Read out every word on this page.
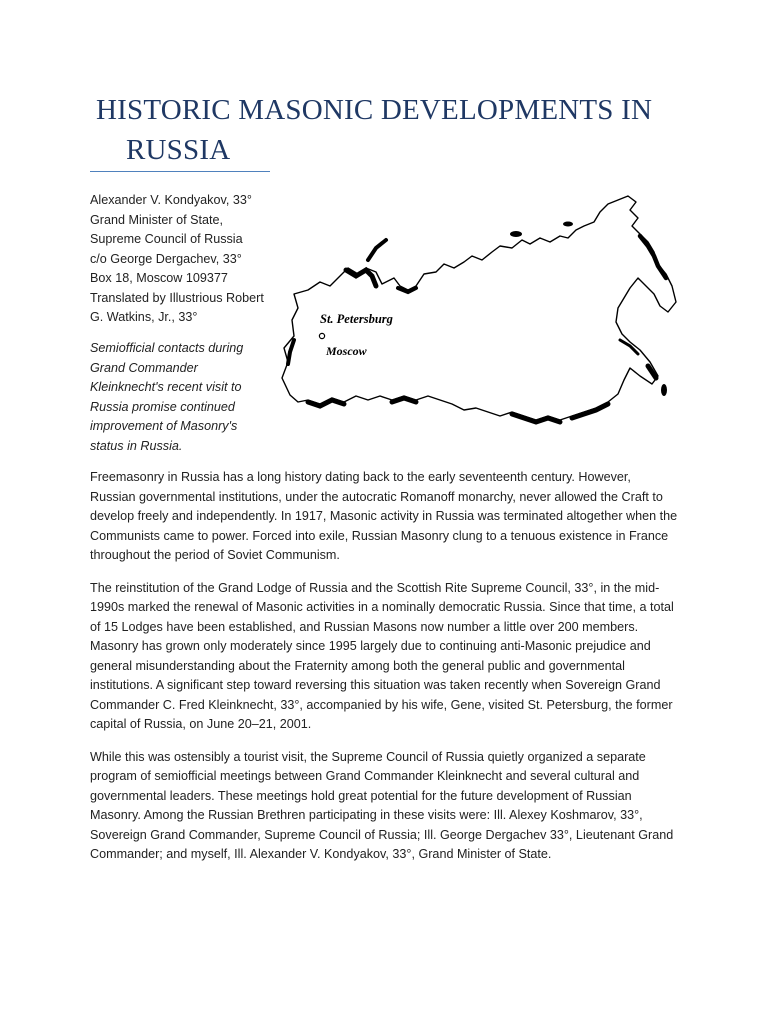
HISTORIC MASONIC DEVELOPMENTS IN
RUSSIA
Alexander V. Kondyakov, 33°
Grand Minister of State,
Supreme Council of Russia
c/o George Dergachev, 33°
Box 18, Moscow 109377
Translated by Illustrious Robert
G. Watkins, Jr., 33°
Semiofficial contacts during Grand Commander Kleinknecht's recent visit to Russia promise continued improvement of Masonry's status in Russia.
St. Petersburg
Moscow

Freemasonry in Russia has a long history dating back to the early seventeenth century. However, Russian governmental institutions, under the autocratic Romanoff monarchy, never allowed the Craft to develop freely and independently. In 1917, Masonic activity in Russia was terminated altogether when the Communists came to power. Forced into exile, Russian Masonry clung to a tenuous existence in France throughout the period of Soviet Communism.

The reinstitution of the Grand Lodge of Russia and the Scottish Rite Supreme Council, 33°, in the mid-1990s marked the renewal of Masonic activities in a nominally democratic Russia. Since that time, a total of 15 Lodges have been established, and Russian Masons now number a little over 200 members. Masonry has grown only moderately since 1995 largely due to continuing anti-Masonic prejudice and general misunderstanding about the Fraternity among both the general public and governmental institutions. A significant step toward reversing this situation was taken recently when Sovereign Grand Commander C. Fred Kleinknecht, 33°, accompanied by his wife, Gene, visited St. Petersburg, the former capital of Russia, on June 20–21, 2001.

While this was ostensibly a tourist visit, the Supreme Council of Russia quietly organized a separate program of semiofficial meetings between Grand Commander Kleinknecht and several cultural and governmental leaders. These meetings hold great potential for the future development of Russian Masonry. Among the Russian Brethren participating in these visits were: Ill. Alexey Koshmarov, 33°, Sovereign Grand Commander, Supreme Council of Russia; Ill. George Dergachev 33°, Lieutenant Grand Commander; and myself, Ill. Alexander V. Kondyakov, 33°, Grand Minister of State.
